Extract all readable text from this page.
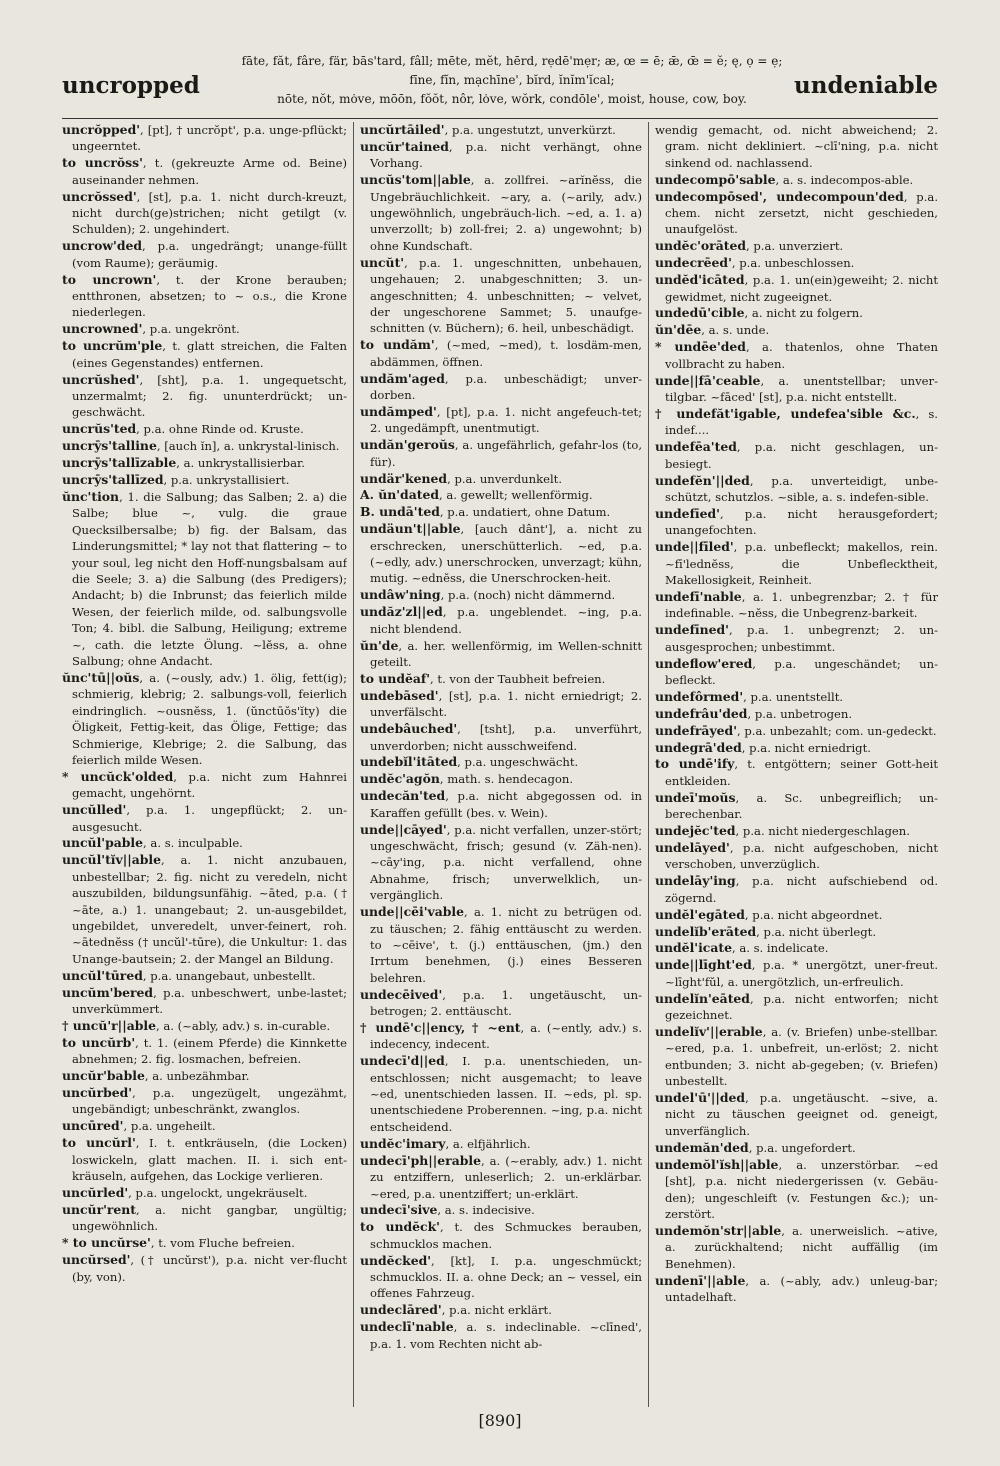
uncropped
fāte, făt, fâre, fär, bās'tard, fâll; mēte, mĕt, hērd, rẹdē'mẹr; æ, œ = ē; ǣ, œ̄ = ĕ; ę, ọ = ẹ;
fīne, fĭn, mạchīne', bĭrd, ĭnĭm'ĭcal;
nōte, nŏt, mȯve, mōōn, fŏŏt, nôr, lȯve, wŏrk, condōle', moist, house, cow, boy.	undeniable
uncrŏpped', [pt], † uncrŏpt', p.a. unge-pflückt; ungeerntet.
to uncrŏss', t. (gekreuzte Arme od. Beine) auseinander nehmen.
uncrŏssed', [st], p.a. 1. nicht durch-kreuzt, nicht durch(ge)strichen; nicht getilgt (v. Schulden); 2. ungehindert.
uncrow'ded, p.a. ungedrängt; unange-füllt (vom Raume); geräumig.
to uncrown', t. der Krone berauben; entthronen, absetzen; to ~ o.s., die Krone niederlegen.
uncrowned', p.a. ungekrönt.
to uncrŭm'ple, t. glatt streichen, die Falten (eines Gegenstandes) entfernen.
uncrŭshed', [sht], p.a. 1. ungequetscht, unzermalmt; 2. fig. ununterdrückt; un-geschwächt.
uncrŭs'ted, p.a. ohne Rinde od. Kruste.
uncrȳs'talline, [auch ĭn], a. unkrystal-linisch.
uncrȳs'tallīzable, a. unkrystallisierbar.
uncrȳs'tallīzed, p.a. unkrystallisiert.
ŭnc'tion, 1. die Salbung; das Salben; 2. a) die Salbe; blue ~, vulg. die graue Quecksilbersalbe; b) fig. der Balsam, das Linderungsmittel; * lay not that flattering ~ to your soul, leg nicht den Hoff-nungsbalsam auf die Seele; 3. a) die Salbung (des Predigers); Andacht; b) die Inbrunst; das feierlich milde Wesen, der feierlich milde, od. salbungsvolle Ton; 4. bibl. die Salbung, Heiligung; extreme ~, cath. die letzte Ölung. ~lĕss, a. ohne Salbung; ohne Andacht.
ŭnc'tū||oŭs, a. (~ously, adv.) 1. ölig, fett(ig); schmierig, klebrig; 2. salbungs-voll, feierlich eindringlich. ~ousnĕss, 1. (ŭnctūŏs'ĭty) die Öligkeit, Fettig-keit, das Ölige, Fettige; das Schmierige, Klebrige; 2. die Salbung, das feierlich milde Wesen.
* uncŭck'olded, p.a. nicht zum Hahnrei gemacht, ungehörnt.
uncŭlled', p.a. 1. ungepflückt; 2. un-ausgesucht.
uncŭl'pable, a. s. inculpable.
uncŭl'tĭv||able, a. 1. nicht anzubauen, unbestellbar; 2. fig. nicht zu veredeln, nicht auszubilden, bildungsunfähig. ~āted, p.a. († ~āte, a.) 1. unangebaut; 2. un-ausgebildet, ungebildet, unveredelt, unver-feinert, roh. ~ātednĕss († uncŭl'-tūre), die Unkultur: 1. das Unange-bautsein; 2. der Mangel an Bildung.
uncŭl'tūred, p.a. unangebaut, unbestellt.
uncŭm'bered, p.a. unbeschwert, unbe-lastet; unverkümmert.
† uncŭ'r||able, a. (~ably, adv.) s. in-curable.
to uncŭrb', t. 1. (einem Pferde) die Kinnkette abnehmen; 2. fig. losmachen, befreien.
uncŭr'bable, a. unbezähmbar.
uncŭrbed', p.a. ungezügelt, ungezähmt, ungebändigt; unbeschränkt, zwanglos.
uncūred', p.a. ungeheilt.
to uncŭrl', I. t. entkräuseln, (die Locken) loswickeln, glatt machen. II. i. sich ent-kräuseln, aufgehen, das Lockige verlieren.
uncŭrled', p.a. ungelockt, ungekräuselt.
uncŭr'rent, a. nicht gangbar, ungültig; ungewöhnlich.
* to uncŭrse', t. vom Fluche befreien.
uncŭrsed', († uncŭrst'), p.a. nicht ver-flucht (by, von).
uncŭrtāiled', p.a. ungestutzt, unverkürzt.
uncŭr'tained, p.a. nicht verhängt, ohne Vorhang.
uncŭs'tom||able, a. zollfrei. ~arĭnĕss, die Ungebräuchlichkeit. ~ary, a. (~arily, adv.) ungewöhnlich, ungebräuch-lich. ~ed, a. 1. a) unverzollt; b) zoll-frei; 2. a) ungewohnt; b) ohne Kundschaft.
uncŭt', p.a. 1. ungeschnitten, unbehauen, ungehauen; 2. unabgeschnitten; 3. un-angeschnitten; 4. unbeschnitten; ~ velvet, der ungeschorene Sammet; 5. unaufge-schnitten (v. Büchern); 6. heil, unbeschädigt.
to undăm', (~med, ~med), t. losdäm-men, abdämmen, öffnen.
undăm'aged, p.a. unbeschädigt; unver-dorben.
undămped', [pt], p.a. 1. nicht angefeuch-tet; 2. ungedämpft, unentmutigt.
undăn'geroŭs, a. ungefährlich, gefahr-los (to, für).
undär'kened, p.a. unverdunkelt.
A. ŭn'dated, a. gewellt; wellenförmig.
B. undā'ted, p.a. undatiert, ohne Datum.
undäun't||able, [auch dânt'], a. nicht zu erschrecken, unerschütterlich. ~ed, p.a. (~edly, adv.) unerschrocken, unverzagt; kühn, mutig. ~ednĕss, die Unerschrocken-heit.
undâw'ning, p.a. (noch) nicht dämmernd.
undăz'zl||ed, p.a. ungeblendet. ~ing, p.a. nicht blendend.
ŭn'de, a. her. wellenförmig, im Wellen-schnitt geteilt.
to undĕaf', t. von der Taubheit befreien.
undebāsed', [st], p.a. 1. nicht erniedrigt; 2. unverfälscht.
undebâuched', [tsht], p.a. unverführt, unverdorben; nicht ausschweifend.
undebĭl'itāted, p.a. ungeschwächt.
undĕc'agŏn, math. s. hendecagon.
undecăn'ted, p.a. nicht abgegossen od. in Karaffen gefüllt (bes. v. Wein).
unde||cāyed', p.a. nicht verfallen, unzer-stört; ungeschwächt, frisch; gesund (v. Zäh-nen). ~cāy'ing, p.a. nicht verfallend, ohne Abnahme, frisch; unverwelklich, un-vergänglich.
unde||cēi'vable, a. 1. nicht zu betrügen od. zu täuschen; 2. fähig enttäuscht zu werden. to ~cēive', t. (j.) enttäuschen, (jm.) den Irrtum benehmen, (j.) eines Besseren belehren.
undecēived', p.a. 1. ungetäuscht, un-betrogen; 2. enttäuscht.
† undē'c||ency, † ~ent, a. (~ently, adv.) s. indecency, indecent.
undecī'd||ed, I. p.a. unentschieden, un-entschlossen; nicht ausgemacht; to leave ~ed, unentschieden lassen. II. ~eds, pl. sp. unentschiedene Proberennen. ~ing, p.a. nicht entscheidend.
undĕc'imary, a. elfjährlich.
undecī'ph||erable, a. (~erably, adv.) 1. nicht zu entziffern, unleserlich; 2. un-erklärbar. ~ered, p.a. unentziffert; un-erklärt.
undecī'sive, a. s. indecisive.
to undĕck', t. des Schmuckes berauben, schmucklos machen.
undĕcked', [kt], I. p.a. ungeschmückt; schmucklos. II. a. ohne Deck; an ~ vessel, ein offenes Fahrzeug.
undeclāred', p.a. nicht erklärt.
undeclī'nable, a. s. indeclinable. ~clīned', p.a. 1. vom Rechten nicht ab-
wendig gemacht, od. nicht abweichend; 2. gram. nicht dekliniert. ~clī'ning, p.a. nicht sinkend od. nachlassend.
undecompō'sable, a. s. indecompos-able.
undecompōsed', undecompoun'ded, p.a. chem. nicht zersetzt, nicht geschieden, unaufgelöst.
undĕc'orāted, p.a. unverziert.
undecrēed', p.a. unbeschlossen.
undĕd'icāted, p.a. 1. un(ein)geweiht; 2. nicht gewidmet, nicht zugeeignet.
undedū'cible, a. nicht zu folgern.
ŭn'dēe, a. s. unde.
* undēe'ded, a. thatenlos, ohne Thaten vollbracht zu haben.
unde||fā'ceable, a. unentstellbar; unver-tilgbar. ~fāced' [st], p.a. nicht entstellt.
† undefăt'igable, undefea'sible &c., s. indef....
undefēa'ted, p.a. nicht geschlagen, un-besiegt.
undefĕn'||ded, p.a. unverteidigt, unbe-schützt, schutzlos. ~sible, a. s. indefen-sible.
undefīed', p.a. nicht herausgefordert; unangefochten.
unde||fīled', p.a. unbefleckt; makellos, rein. ~fī'lednĕss, die Unbeflecktheit, Makellosigkeit, Reinheit.
undefī'nable, a. 1. unbegrenzbar; 2. † für indefinable. ~nĕss, die Unbegrenz-barkeit.
undefīned', p.a. 1. unbegrenzt; 2. un-ausgesprochen; unbestimmt.
undeflow'ered, p.a. ungeschändet; un-befleckt.
undefôrmed', p.a. unentstellt.
undefrâu'ded, p.a. unbetrogen.
undefrāyed', p.a. unbezahlt; com. un-gedeckt.
undegrā'ded, p.a. nicht erniedrigt.
to undē'ify, t. entgöttern; seiner Gott-heit entkleiden.
undeī'moŭs, a. Sc. unbegreiflich; un-berechenbar.
undejĕc'ted, p.a. nicht niedergeschlagen.
undelāyed', p.a. nicht aufgeschoben, nicht verschoben, unverzüglich.
undelāy'ing, p.a. nicht aufschiebend od. zögernd.
undĕl'egāted, p.a. nicht abgeordnet.
undelĭb'erāted, p.a. nicht überlegt.
undĕl'icate, a. s. indelicate.
unde||līght'ed, p.a. * unergötzt, uner-freut. ~līght'fŭl, a. unergötzlich, un-erfreulich.
undelĭn'eāted, p.a. nicht entworfen; nicht gezeichnet.
undelĭv'||erable, a. (v. Briefen) unbe-stellbar. ~ered, p.a. 1. unbefreit, un-erlöst; 2. nicht entbunden; 3. nicht ab-gegeben; (v. Briefen) unbestellt.
undel'ū'||ded, p.a. ungetäuscht. ~sive, a. nicht zu täuschen geeignet od. geneigt, unverfänglich.
undemăn'ded, p.a. ungefordert.
undemŏl'ĭsh||able, a. unzerstörbar. ~ed [sht], p.a. nicht niedergerissen (v. Gebäu-den); ungeschleift (v. Festungen &c.); un-zerstört.
undemŏn'str||able, a. unerweislich. ~ative, a. zurückhaltend; nicht auffällig (im Benehmen).
undenī'||able, a. (~ably, adv.) unleug-bar; untadelhaft.
[890]
